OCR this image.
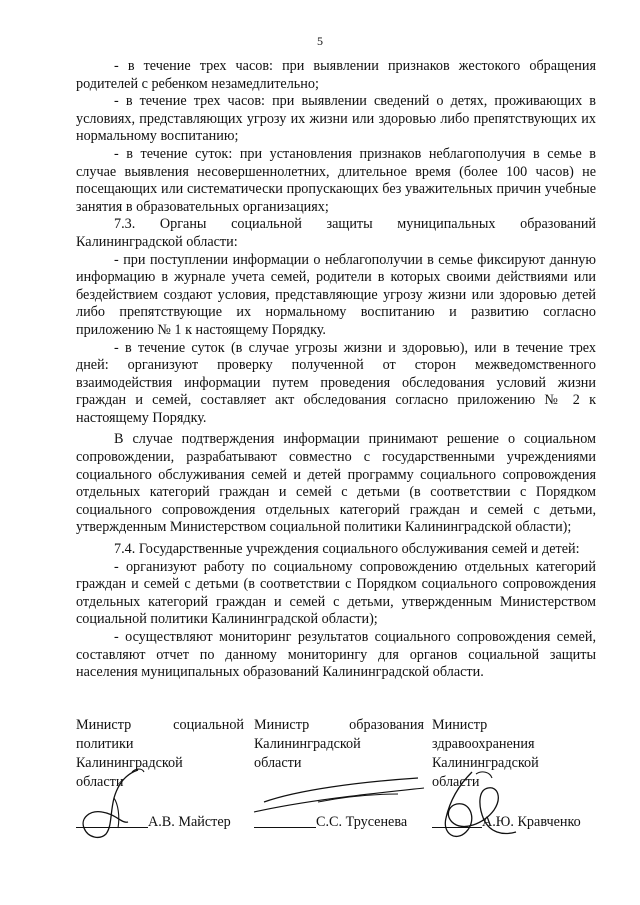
5

- в течение трех часов: при выявлении признаков жестокого обращения родителей с ребенком незамедлительно;

- в течение трех часов: при выявлении сведений о детях, проживающих в условиях, представляющих угрозу их жизни или здоровью либо препятствующих их нормальному воспитанию;

- в течение суток: при установления признаков неблагополучия в семье в случае выявления несовершеннолетних, длительное время (более 100 часов) не посещающих или систематически пропускающих без уважительных причин учебные занятия в образовательных организациях;

7.3. Органы социальной защиты муниципальных образований Калининградской области:

- при поступлении информации о неблагополучии в семье фиксируют данную информацию в журнале учета семей, родители в которых своими действиями или бездействием создают условия, представляющие угрозу жизни или здоровью детей либо препятствующие их нормальному воспитанию и развитию согласно приложению № 1 к настоящему Порядку.

- в течение суток (в случае угрозы жизни и здоровью), или в течение трех дней: организуют проверку полученной от сторон межведомственного взаимодействия информации путем проведения обследования условий жизни граждан и семей, составляет акт обследования согласно приложению № 2 к настоящему Порядку.

В случае подтверждения информации принимают решение о социальном сопровождении, разрабатывают совместно с государственными учреждениями социального обслуживания семей и детей программу социального сопровождения отдельных категорий граждан и семей с детьми (в соответствии с Порядком социального сопровождения отдельных категорий граждан и семей с детьми, утвержденным Министерством социальной политики Калининградской области);

7.4. Государственные учреждения социального обслуживания семей и детей:

- организуют работу по социальному сопровождению отдельных категорий граждан и семей с детьми (в соответствии с Порядком социального сопровождения отдельных категорий граждан и семей с детьми, утвержденным Министерством социальной политики Калининградской области);

- осуществляют мониторинг результатов социального сопровождения семей, составляют отчет по данному мониторингу для органов социальной защиты населения муниципальных образований Калининградской области.

Министр социальной
политики
Калининградской
области
Министр образования
Калининградской
области
Министр
здравоохранения
Калининградской
области
А.В. Майстер	С.С. Трусенева	А.Ю. Кравченко
